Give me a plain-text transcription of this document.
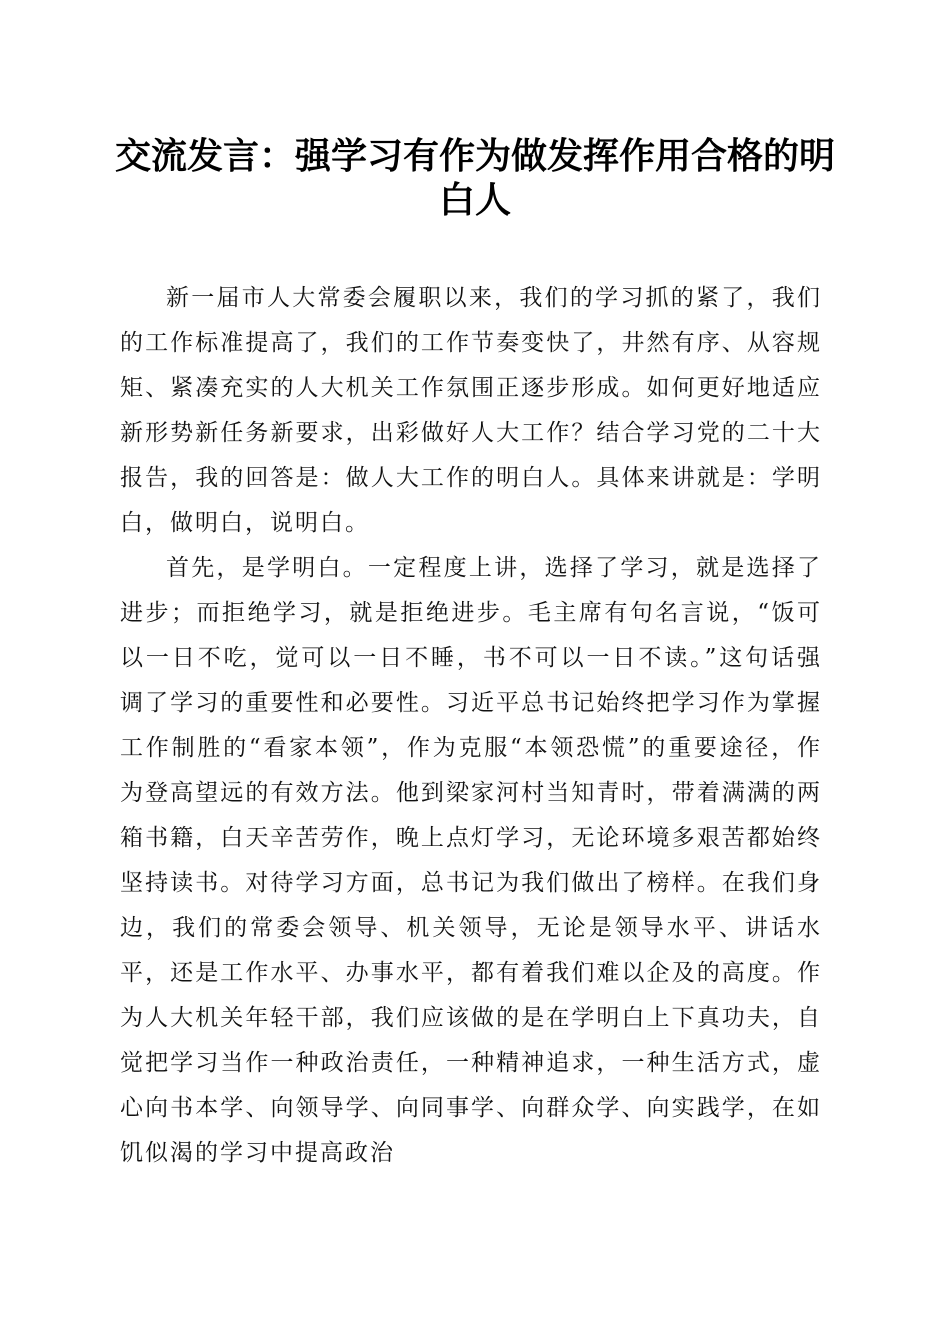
交流发言：强学习有作为做发挥作用合格的明白人

新一届市人大常委会履职以来，我们的学习抓的紧了，我们的工作标准提高了，我们的工作节奏变快了，井然有序、从容规矩、紧凑充实的人大机关工作氛围正逐步形成。如何更好地适应新形势新任务新要求，出彩做好人大工作？结合学习党的二十大报告，我的回答是：做人大工作的明白人。具体来讲就是：学明白，做明白，说明白。

首先，是学明白。一定程度上讲，选择了学习，就是选择了进步；而拒绝学习，就是拒绝进步。毛主席有句名言说，“饭可以一日不吃，觉可以一日不睡，书不可以一日不读。”这句话强调了学习的重要性和必要性。习近平总书记始终把学习作为掌握工作制胜的“看家本领”，作为克服“本领恐慌”的重要途径，作为登高望远的有效方法。他到梁家河村当知青时，带着满满的两箱书籍，白天辛苦劳作，晚上点灯学习，无论环境多艰苦都始终坚持读书。对待学习方面，总书记为我们做出了榜样。在我们身边，我们的常委会领导、机关领导，无论是领导水平、讲话水平，还是工作水平、办事水平，都有着我们难以企及的高度。作为人大机关年轻干部，我们应该做的是在学明白上下真功夫，自觉把学习当作一种政治责任，一种精神追求，一种生活方式，虚心向书本学、向领导学、向同事学、向群众学、向实践学，在如饥似渴的学习中提高政治
